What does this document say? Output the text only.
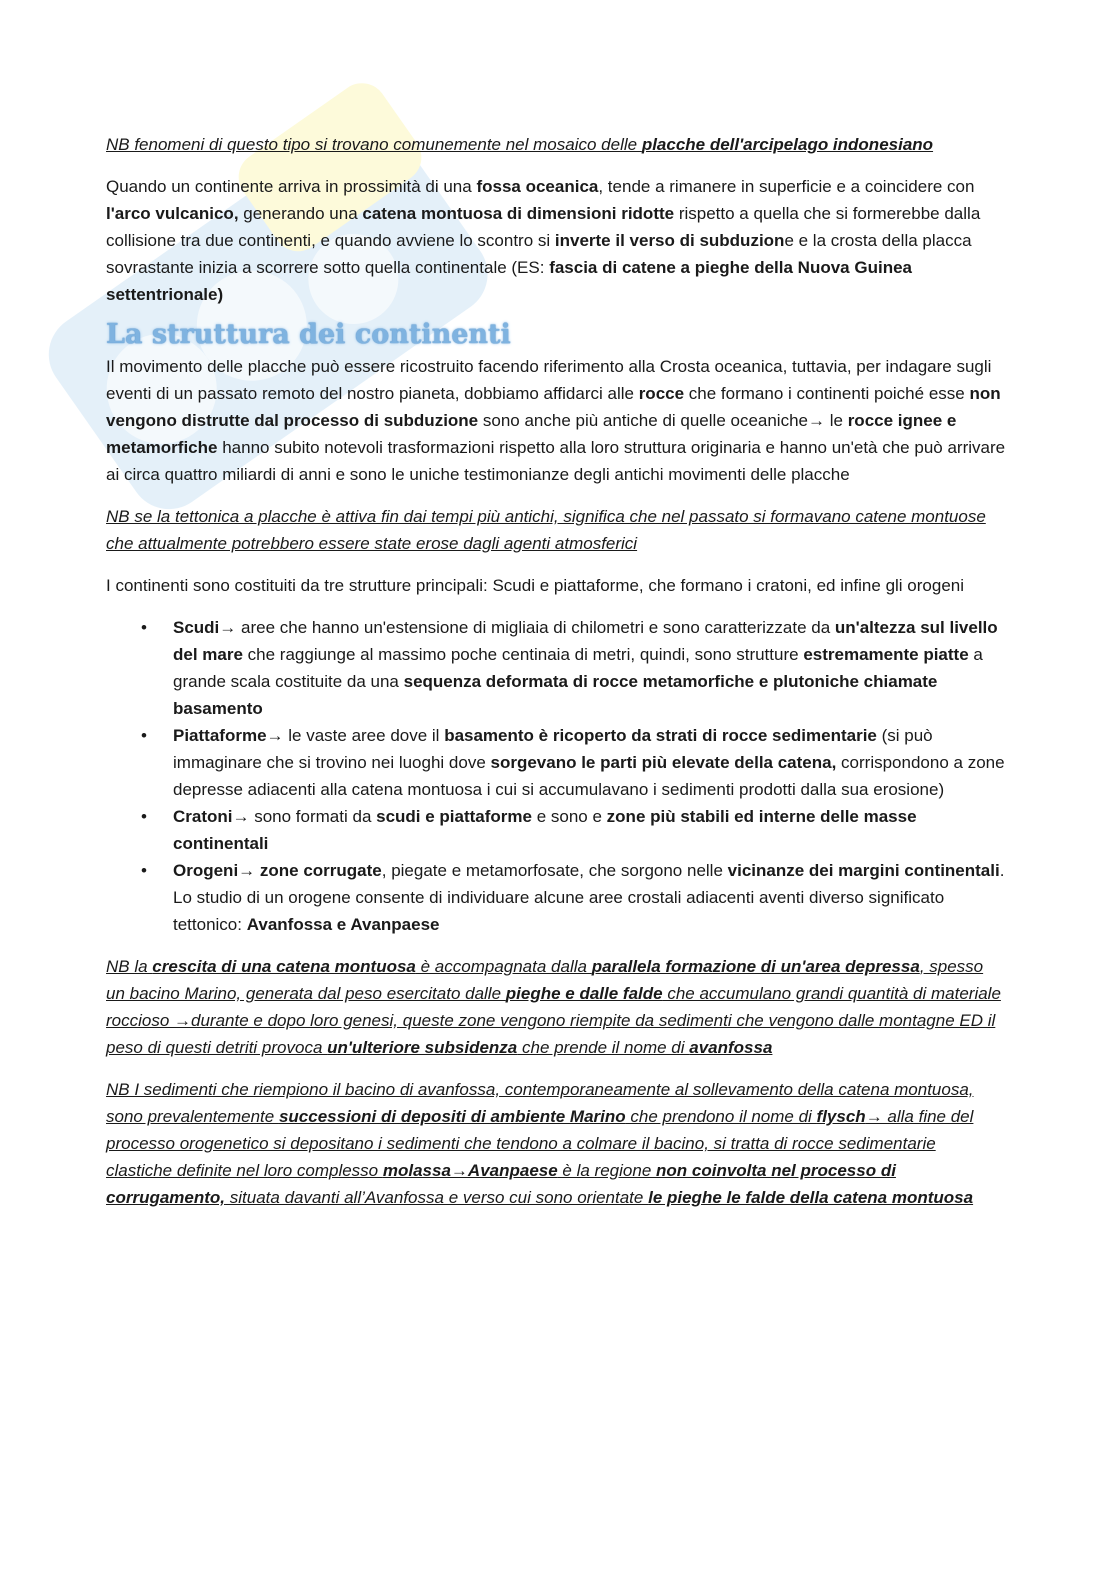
NB fenomeni di questo tipo si trovano comunemente nel mosaico delle placche dell'arcipelago indonesiano

Quando un continente arriva in prossimità di una fossa oceanica, tende a rimanere in superficie e a coincidere con l'arco vulcanico, generando una catena montuosa di dimensioni ridotte rispetto a quella che si formerebbe dalla collisione tra due continenti, e quando avviene lo scontro si inverte il verso di subduzione e la crosta della placca sovrastante inizia a scorrere sotto quella continentale (ES: fascia di catene a pieghe della Nuova Guinea settentrionale)

La struttura dei continenti

Il movimento delle placche può essere ricostruito facendo riferimento alla Crosta oceanica, tuttavia, per indagare sugli eventi di un passato remoto del nostro pianeta, dobbiamo affidarci alle rocce che formano i continenti poiché esse non vengono distrutte dal processo di subduzione sono anche più antiche di quelle oceaniche→ le rocce ignee e metamorfiche hanno subito notevoli trasformazioni rispetto alla loro struttura originaria e hanno un'età che può arrivare ai circa quattro miliardi di anni e sono le uniche testimonianze degli antichi movimenti delle placche

NB se la tettonica a placche è attiva fin dai tempi più antichi, significa che nel passato si formavano catene montuose che attualmente potrebbero essere state erose dagli agenti atmosferici

I continenti sono costituiti da tre strutture principali: Scudi e piattaforme, che formano i cratoni, ed infine gli orogeni

• Scudi→ aree che hanno un'estensione di migliaia di chilometri e sono caratterizzate da un'altezza sul livello del mare che raggiunge al massimo poche centinaia di metri, quindi, sono strutture estremamente piatte a grande scala costituite da una sequenza deformata di rocce metamorfiche e plutoniche chiamate basamento
• Piattaforme→ le vaste aree dove il basamento è ricoperto da strati di rocce sedimentarie (si può immaginare che si trovino nei luoghi dove sorgevano le parti più elevate della catena, corrispondono a zone depresse adiacenti alla catena montuosa i cui si accumulavano i sedimenti prodotti dalla sua erosione)
• Cratoni→ sono formati da scudi e piattaforme e sono e zone più stabili ed interne delle masse continentali
• Orogeni→ zone corrugate, piegate e metamorfosate, che sorgono nelle vicinanze dei margini continentali. Lo studio di un orogene consente di individuare alcune aree crostali adiacenti aventi diverso significato tettonico: Avanfossa e Avanpaese

NB la crescita di una catena montuosa è accompagnata dalla parallela formazione di un'area depressa, spesso un bacino Marino, generata dal peso esercitato dalle pieghe e dalle falde che accumulano grandi quantità di materiale roccioso →durante e dopo loro genesi, queste zone vengono riempite da sedimenti che vengono dalle montagne ED il peso di questi detriti provoca un'ulteriore subsidenza che prende il nome di avanfossa

NB I sedimenti che riempiono il bacino di avanfossa, contemporaneamente al sollevamento della catena montuosa, sono prevalentemente successioni di depositi di ambiente Marino che prendono il nome di flysch→ alla fine del processo orogenetico si depositano i sedimenti che tendono a colmare il bacino, si tratta di rocce sedimentarie clastiche definite nel loro complesso molassa→Avanpaese è la regione non coinvolta nel processo di corrugamento, situata davanti all’Avanfossa e verso cui sono orientate le pieghe le falde della catena montuosa
